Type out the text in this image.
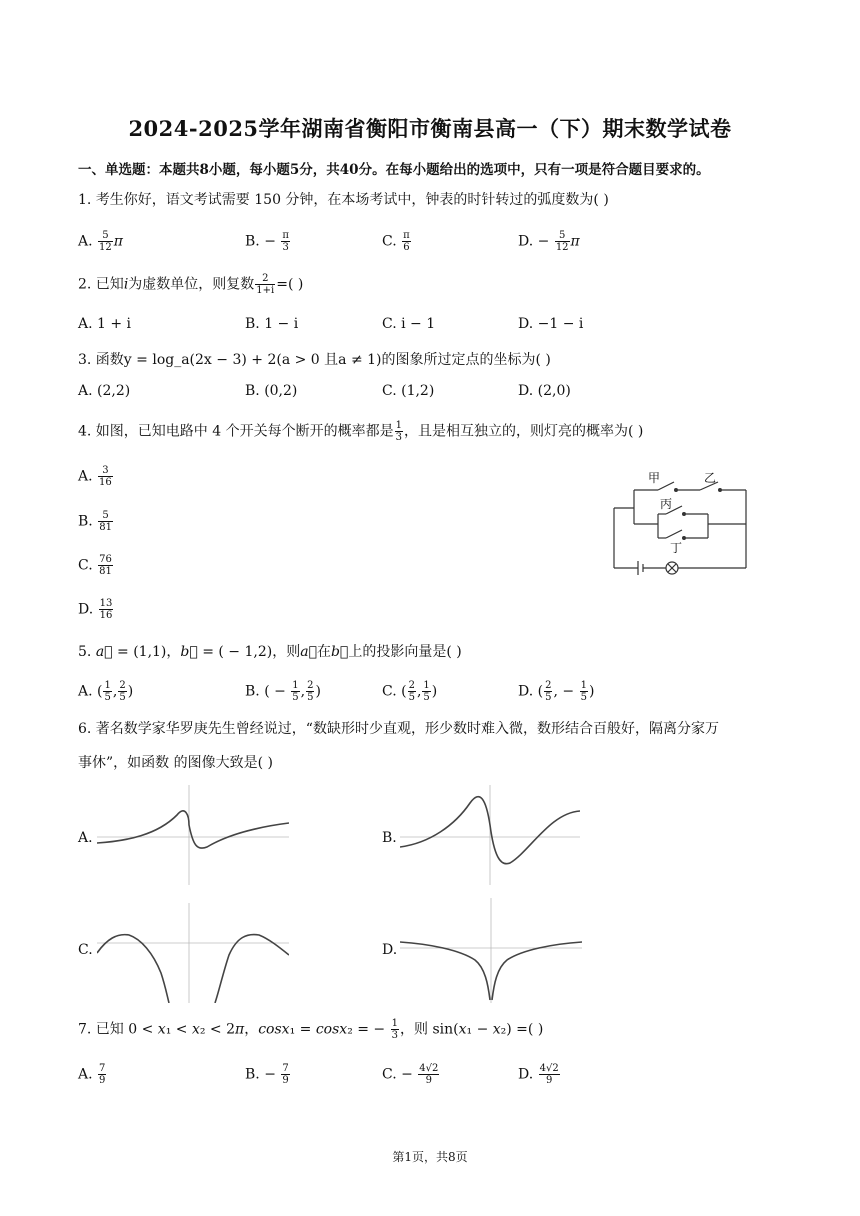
2024-2025学年湖南省衡阳市衡南县高一（下）期末数学试卷
一、单选题：本题共8小题，每小题5分，共40分。在每小题给出的选项中，只有一项是符合题目要求的。
1. 考生你好，语文考试需要 150 分钟，在本场考试中，钟表的时针转过的弧度数为( )
A. $\frac{5}{12}$ π	B. − $\frac{\pi}{3}$	C. $\frac{\pi}{6}$	D. − $\frac{5}{12}$ π
2. 已知i为虚数单位，则复数 $\frac{2}{1+i}$ =( )
A. 1 + i	B. 1 − i	C. i − 1	D. −1 − i
3. 函数y = log_a(2x − 3) + 2(a > 0 且a ≠ 1)的图象所过定点的坐标为( )
A. (2,2)	B. (0,2)	C. (1,2)	D. (2,0)
4. 如图，已知电路中 4 个开关每个断开的概率都是 $\frac{1}{3}$ ，且是相互独立的，则灯亮的概率为( )
A. $\frac{3}{16}$
B. $\frac{5}{81}$
C. $\frac{76}{81}$
D. $\frac{13}{16}$
甲	乙
丙
丁
5. a⃗ = (1,1)，b⃗ = ( − 1,2)，则a⃗在b⃗上的投影向量是( )
A. ( $\frac{1}{5}$ , $\frac{2}{5}$ )	B. ( − $\frac{1}{5}$ , $\frac{2}{5}$ )	C. ( $\frac{2}{5}$ , $\frac{1}{5}$ )	D. ( $\frac{2}{5}$ , − $\frac{1}{5}$ )
6. 著名数学家华罗庚先生曾经说过，“数缺形时少直观，形少数时难入微，数形结合百般好，隔离分家万
事休”，如函数 的图像大致是( )
A.	B.
C.	D.
7. 已知 0 < x₁ < x₂ < 2π，cosx₁ = cosx₂ = − $\frac{1}{3}$ ，则 sin(x₁ − x₂) =( )
A. $\frac{7}{9}$	B. − $\frac{7}{9}$	C. − $\frac{4√2}{9}$	D. $\frac{4√2}{9}$
第1页，共8页
